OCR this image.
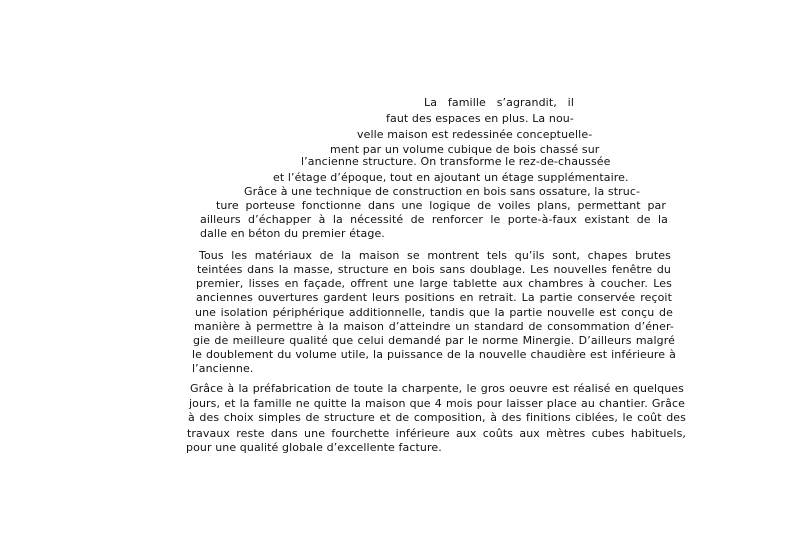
La famille s’agrandit, il
faut des espaces en plus. La nou-
velle maison est redessinée conceptuelle-
ment par un volume cubique de bois chassé sur
l’ancienne structure. On transforme le rez-de-chaussée
et l’étage d’époque, tout en ajoutant un étage supplémentaire.
Grâce à une technique de construction en bois sans ossature, la struc-
ture porteuse fonctionne dans une logique de voiles plans, permettant par
ailleurs d’échapper à la nécessité de renforcer le porte-à-faux existant de la
dalle en béton du premier étage.
Tous les matériaux de la maison se montrent tels qu’ils sont, chapes brutes
teintées dans la masse, structure en bois sans doublage. Les nouvelles fenêtre du
premier, lisses en façade, offrent une large tablette aux chambres à coucher. Les
anciennes ouvertures gardent leurs positions en retrait. La partie conservée reçoit
une isolation périphérique additionnelle, tandis que la partie nouvelle est conçu de
manière à permettre à la maison d’atteindre un standard de consommation d’éner-
gie de meilleure qualité que celui demandé par le norme Minergie. D’ailleurs malgré
le doublement du volume utile, la puissance de la nouvelle chaudière est inférieure à
l’ancienne.
Grâce à la préfabrication de toute la charpente, le gros oeuvre est réalisé en quelques
jours, et la famille ne quitte la maison que 4 mois pour laisser place au chantier. Grâce
à des choix simples de structure et de composition, à des finitions ciblées, le coût des
travaux reste dans une fourchette inférieure aux coûts aux mètres cubes habituels,
pour une qualité globale d’excellente facture.
